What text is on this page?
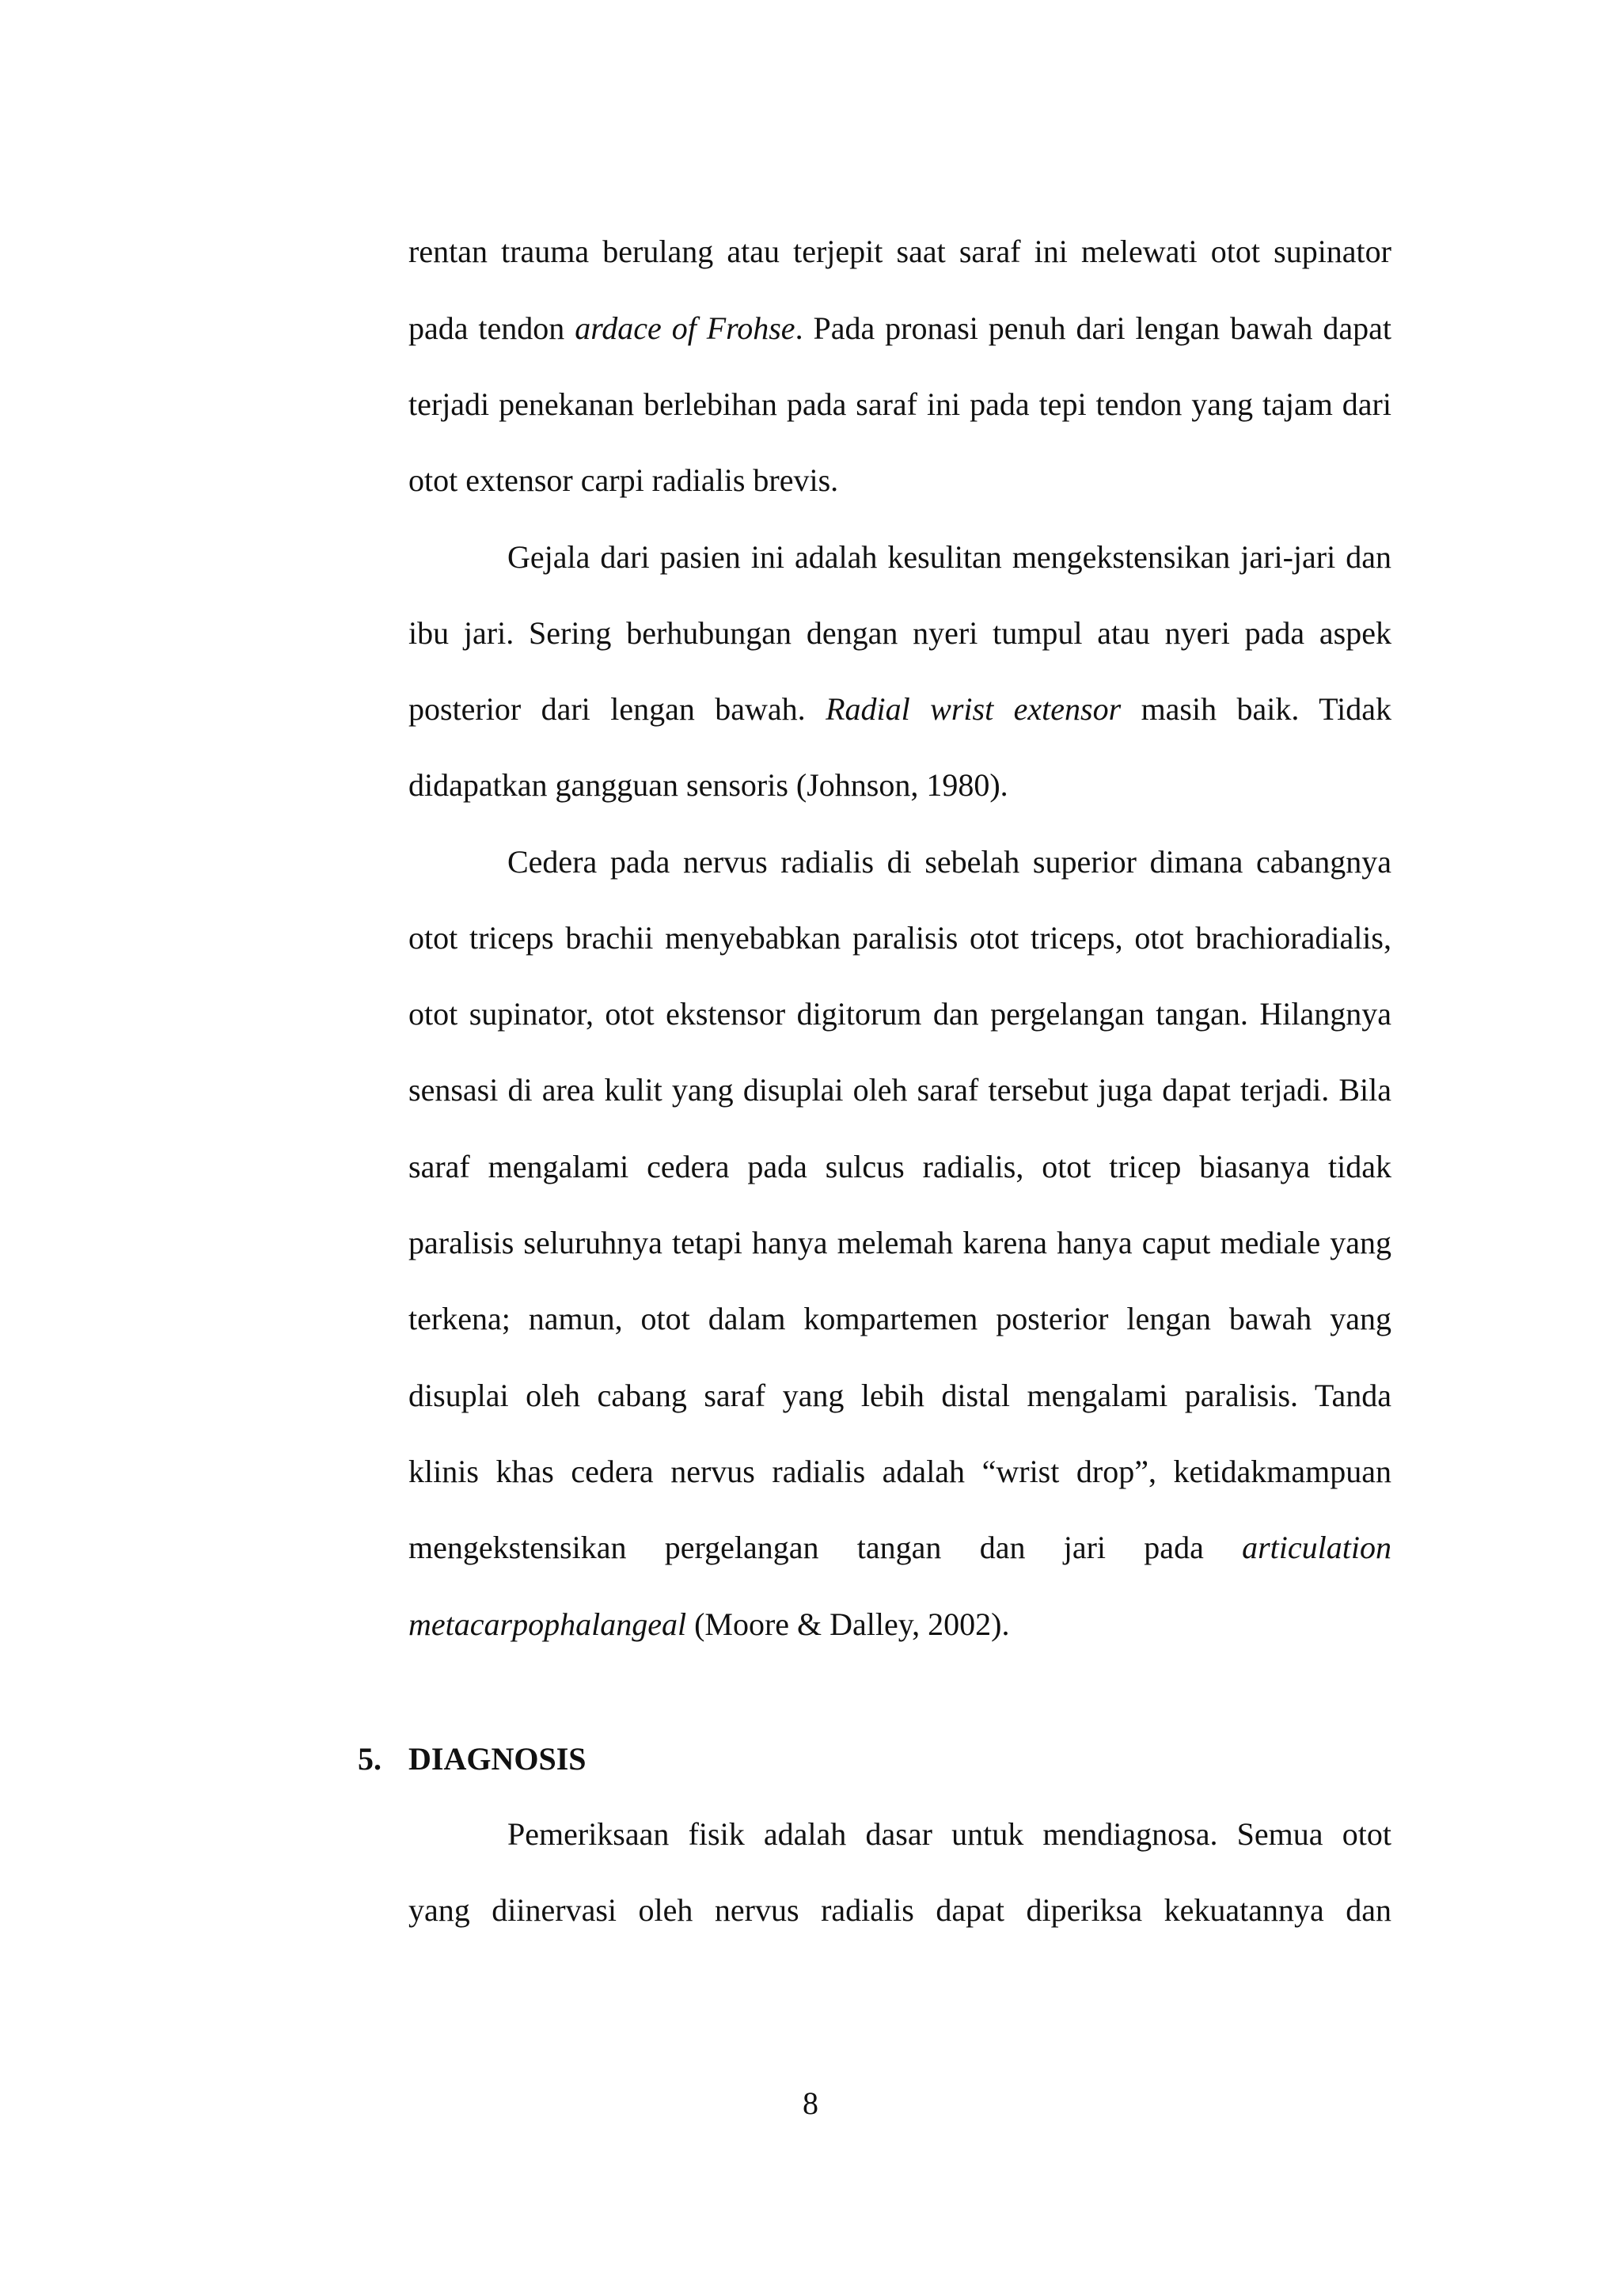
rentan trauma berulang atau terjepit saat saraf ini melewati otot supinator
pada tendon ardace of Frohse. Pada pronasi penuh dari lengan bawah dapat
terjadi penekanan berlebihan pada saraf ini pada tepi tendon yang tajam dari
otot extensor carpi radialis brevis.
Gejala dari pasien ini adalah kesulitan mengekstensikan jari-jari dan
ibu jari. Sering berhubungan dengan nyeri tumpul atau nyeri pada aspek
posterior dari lengan bawah. Radial wrist extensor masih baik. Tidak
didapatkan gangguan sensoris (Johnson, 1980).
Cedera pada nervus radialis di sebelah superior dimana cabangnya
otot triceps brachii menyebabkan paralisis otot triceps, otot brachioradialis,
otot supinator, otot ekstensor digitorum dan pergelangan tangan. Hilangnya
sensasi di area kulit yang disuplai oleh saraf tersebut juga dapat terjadi. Bila
saraf mengalami cedera pada sulcus radialis, otot tricep biasanya tidak
paralisis seluruhnya tetapi hanya melemah karena hanya caput mediale yang
terkena; namun, otot dalam kompartemen posterior lengan bawah yang
disuplai oleh cabang saraf yang lebih distal mengalami paralisis. Tanda
klinis khas cedera nervus radialis adalah “wrist drop”, ketidakmampuan
mengekstensikan pergelangan tangan dan jari pada articulation
metacarpophalangeal (Moore & Dalley, 2002).
5. DIAGNOSIS
Pemeriksaan fisik adalah dasar untuk mendiagnosa. Semua otot
yang diinervasi oleh nervus radialis dapat diperiksa kekuatannya dan
8
